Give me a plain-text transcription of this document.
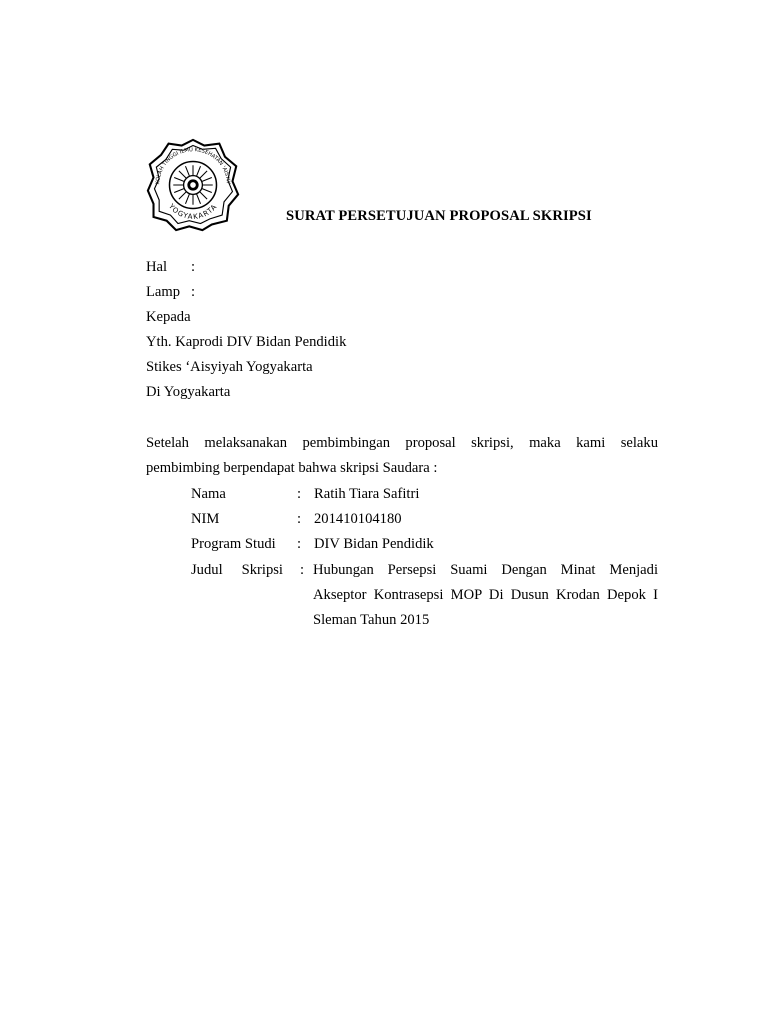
KOLAH TINGGI ILMU KESEHATAN 'AISYIY
YOGYAKARTA
SURAT PERSETUJUAN PROPOSAL SKRIPSI
Hal :
Lamp :
Kepada
Yth. Kaprodi DIV Bidan Pendidik
Stikes ‘Aisyiyah Yogyakarta
Di Yogyakarta
Setelah melaksanakan pembimbingan proposal skripsi, maka kami selaku
pembimbing berpendapat bahwa skripsi Saudara :
Nama	: Ratih Tiara Safitri
NIM	: 201410104180
Program Studi : DIV Bidan Pendidik
Judul Skripsi : Hubungan Persepsi Suami Dengan Minat Menjadi
Akseptor Kontrasepsi MOP Di Dusun Krodan Depok I
Sleman Tahun 2015
